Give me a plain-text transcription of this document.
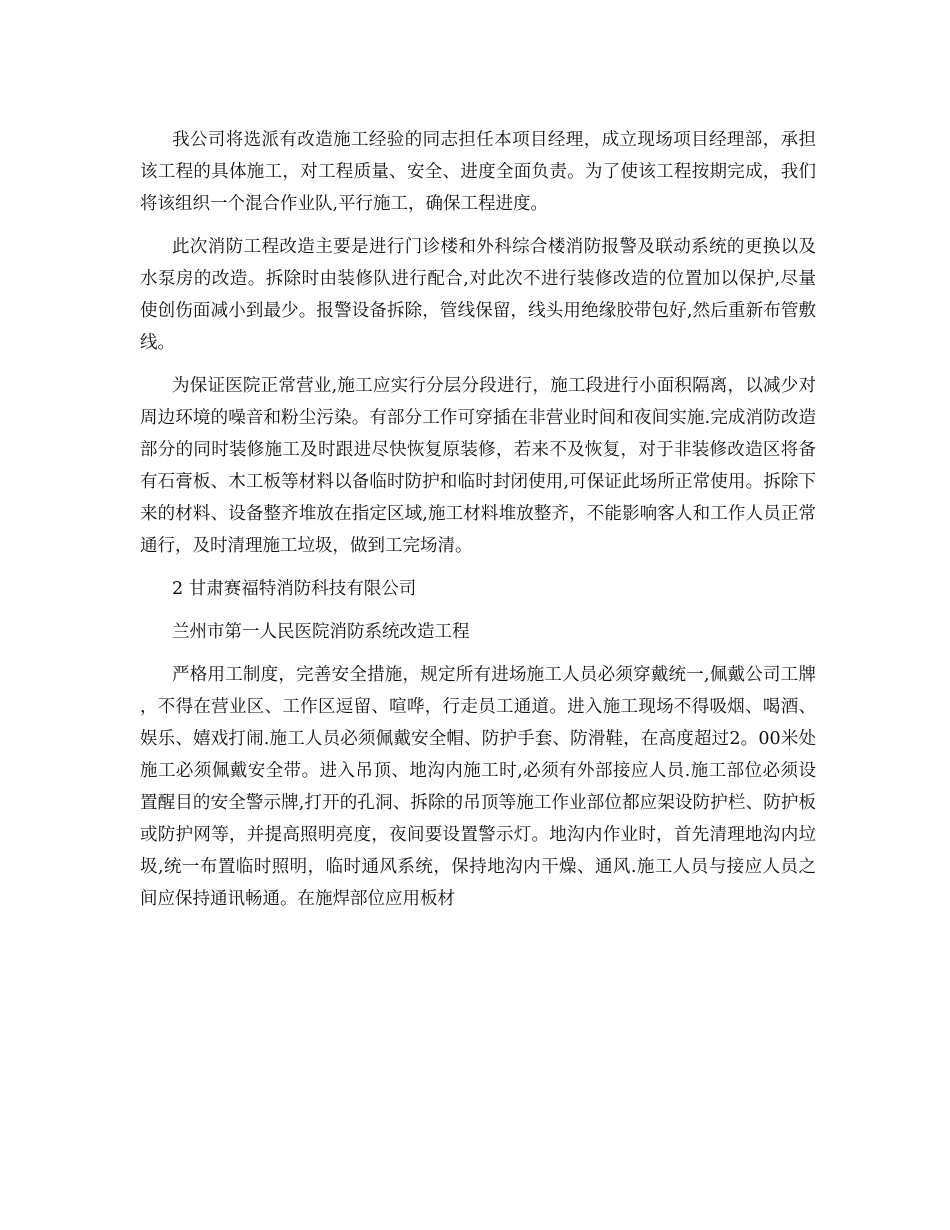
我公司将选派有改造施工经验的同志担任本项目经理，成立现场项目经理部，承担该工程的具体施工，对工程质量、安全、进度全面负责。为了使该工程按期完成，我们将该组织一个混合作业队,平行施工，确保工程进度。

此次消防工程改造主要是进行门诊楼和外科综合楼消防报警及联动系统的更换以及水泵房的改造。拆除时由装修队进行配合,对此次不进行装修改造的位置加以保护,尽量使创伤面减小到最少。报警设备拆除，管线保留，线头用绝缘胶带包好,然后重新布管敷线。

为保证医院正常营业,施工应实行分层分段进行，施工段进行小面积隔离，以减少对周边环境的噪音和粉尘污染。有部分工作可穿插在非营业时间和夜间实施.完成消防改造部分的同时装修施工及时跟进尽快恢复原装修，若来不及恢复，对于非装修改造区将备有石膏板、木工板等材料以备临时防护和临时封闭使用,可保证此场所正常使用。拆除下来的材料、设备整齐堆放在指定区域,施工材料堆放整齐，不能影响客人和工作人员正常通行，及时清理施工垃圾，做到工完场清。

2 甘肃赛福特消防科技有限公司

兰州市第一人民医院消防系统改造工程

严格用工制度，完善安全措施，规定所有进场施工人员必须穿戴统一,佩戴公司工牌，不得在营业区、工作区逗留、喧哗，行走员工通道。进入施工现场不得吸烟、喝酒、娱乐、嬉戏打闹.施工人员必须佩戴安全帽、防护手套、防滑鞋，在高度超过2。00米处施工必须佩戴安全带。进入吊顶、地沟内施工时,必须有外部接应人员.施工部位必须设置醒目的安全警示牌,打开的孔洞、拆除的吊顶等施工作业部位都应架设防护栏、防护板或防护网等，并提高照明亮度，夜间要设置警示灯。地沟内作业时，首先清理地沟内垃圾,统一布置临时照明，临时通风系统，保持地沟内干燥、通风.施工人员与接应人员之间应保持通讯畅通。在施焊部位应用板材
